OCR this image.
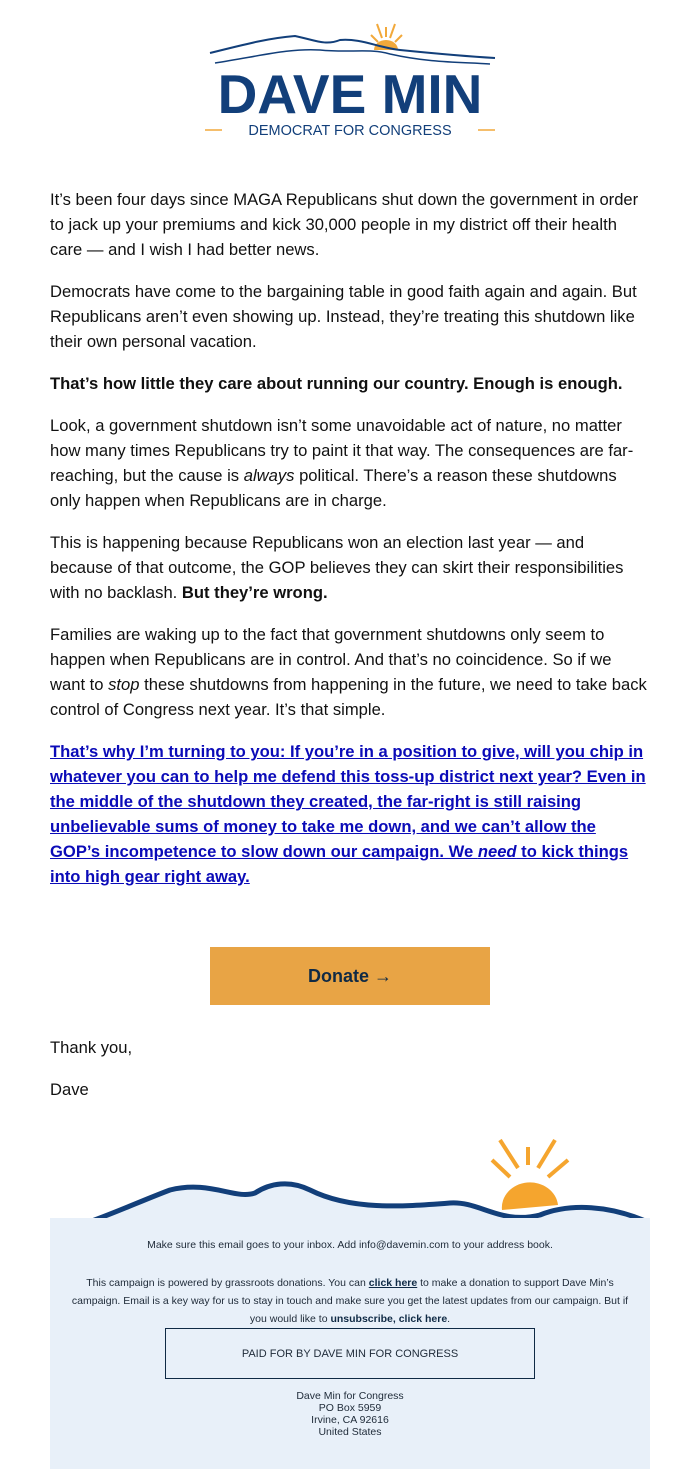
DAVE MIN
DEMOCRAT FOR CONGRESS

It’s been four days since MAGA Republicans shut down the government in order to jack up your premiums and kick 30,000 people in my district off their health care — and I wish I had better news.

Democrats have come to the bargaining table in good faith again and again. But Republicans aren’t even showing up. Instead, they’re treating this shutdown like their own personal vacation.

That’s how little they care about running our country. Enough is enough.

Look, a government shutdown isn’t some unavoidable act of nature, no matter how many times Republicans try to paint it that way. The consequences are far-reaching, but the cause is always political. There’s a reason these shutdowns only happen when Republicans are in charge.

This is happening because Republicans won an election last year — and because of that outcome, the GOP believes they can skirt their responsibilities with no backlash. But they’re wrong.

Families are waking up to the fact that government shutdowns only seem to happen when Republicans are in control. And that’s no coincidence. So if we want to stop these shutdowns from happening in the future, we need to take back control of Congress next year. It’s that simple.

That’s why I’m turning to you: If you’re in a position to give, will you chip in whatever you can to help me defend this toss-up district next year? Even in the middle of the shutdown they created, the far-right is still raising unbelievable sums of money to take me down, and we can’t allow the GOP’s incompetence to slow down our campaign. We need to kick things into high gear right away.

Donate →
Thank you,
Dave

Make sure this email goes to your inbox. Add info@davemin.com to your address book.

This campaign is powered by grassroots donations. You can click here to make a donation to support Dave Min’s campaign. Email is a key way for us to stay in touch and make sure you get the latest updates from our campaign. But if you would like to unsubscribe, click here.

PAID FOR BY DAVE MIN FOR CONGRESS
Dave Min for Congress
PO Box 5959
Irvine, CA 92616
United States
